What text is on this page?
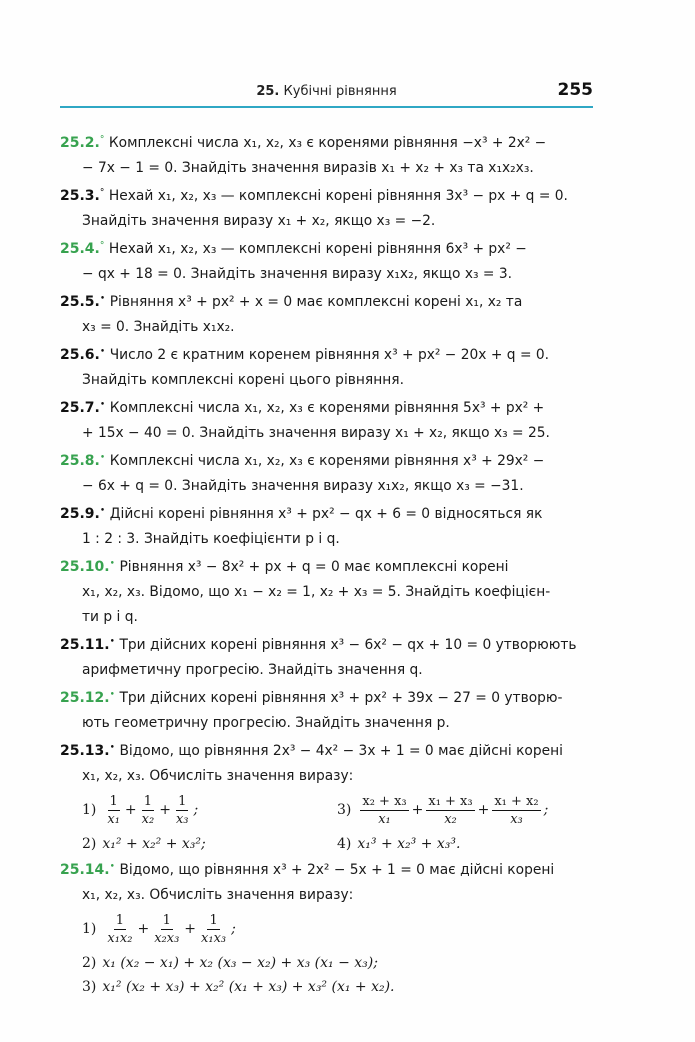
25. Кубічні рівняння	255
25.2.° Комплексні числа x₁, x₂, x₃ є коренями рівняння −x³ + 2x² −
− 7x − 1 = 0. Знайдіть значення виразів x₁ + x₂ + x₃ та x₁x₂x₃.
25.3.° Нехай x₁, x₂, x₃ — комплексні корені рівняння 3x³ − px + q = 0.
Знайдіть значення виразу x₁ + x₂, якщо x₃ = −2.
25.4.° Нехай x₁, x₂, x₃ — комплексні корені рівняння 6x³ + px² −
− qx + 18 = 0. Знайдіть значення виразу x₁x₂, якщо x₃ = 3.
25.5.• Рівняння x³ + px² + x = 0 має комплексні корені x₁, x₂ та
x₃ = 0. Знайдіть x₁x₂.
25.6.• Число 2 є кратним коренем рівняння x³ + px² − 20x + q = 0.
Знайдіть комплексні корені цього рівняння.
25.7.• Комплексні числа x₁, x₂, x₃ є коренями рівняння 5x³ + px² +
+ 15x − 40 = 0. Знайдіть значення виразу x₁ + x₂, якщо x₃ = 25.
25.8.• Комплексні числа x₁, x₂, x₃ є коренями рівняння x³ + 29x² −
− 6x + q = 0. Знайдіть значення виразу x₁x₂, якщо x₃ = −31.
25.9.• Дійсні корені рівняння x³ + px² − qx + 6 = 0 відносяться як
1 : 2 : 3. Знайдіть коефіцієнти p і q.
25.10.• Рівняння x³ − 8x² + px + q = 0 має комплексні корені
x₁, x₂, x₃. Відомо, що x₁ − x₂ = 1, x₂ + x₃ = 5. Знайдіть коефіцієн-
ти p і q.
25.11.• Три дійсних корені рівняння x³ − 6x² − qx + 10 = 0 утворюють
арифметичну прогресію. Знайдіть значення q.
25.12.• Три дійсних корені рівняння x³ + px² + 39x − 27 = 0 утворю-
ють геометричну прогресію. Знайдіть значення p.
25.13.• Відомо, що рівняння 2x³ − 4x² − 3x + 1 = 0 має дійсні корені
x₁, x₂, x₃. Обчисліть значення виразу:
$1) \frac{1}{\text{x₁}} + \frac{1}{\text{x₂}} + \frac{1}{\text{x₃}}$ ;	$3) \frac{\text{x₂ + x₃}}{\text{x₁}} + \frac{\text{x₁ + x₃}}{\text{x₂}} + \frac{\text{x₁ + x₂}}{\text{x₃}}$ ;
2) x₁² + x₂² + x₃²;	4) x₁³ + x₂³ + x₃³.
25.14.• Відомо, що рівняння x³ + 2x² − 5x + 1 = 0 має дійсні корені
x₁, x₂, x₃. Обчисліть значення виразу:
$1) \frac{1}{\text{x₁x₂}} + \frac{1}{\text{x₂x₃}} + \frac{1}{\text{x₁x₃}}$ ;
2) x₁ (x₂ − x₁) + x₂ (x₃ − x₂) + x₃ (x₁ − x₃);
3) x₁² (x₂ + x₃) + x₂² (x₁ + x₃) + x₃² (x₁ + x₂).
